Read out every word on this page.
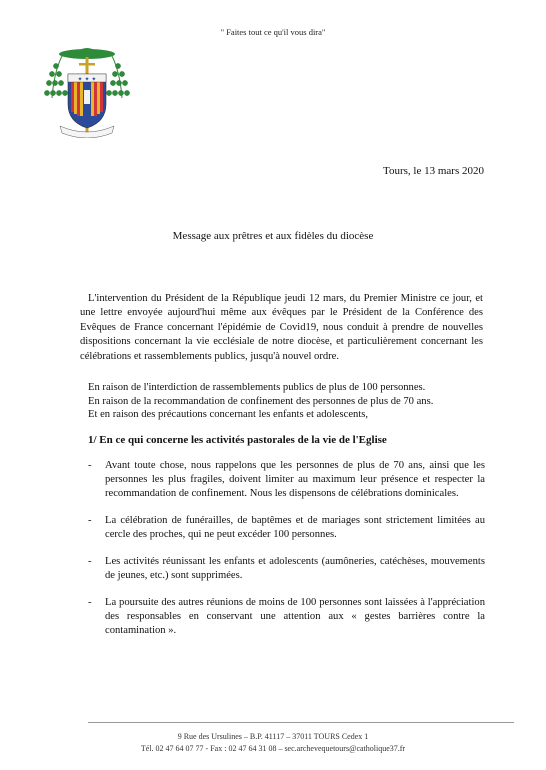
" Faites tout ce qu'il vous dira"
✦ ✦ ✦
Tours, le 13 mars 2020
Message aux prêtres et aux fidèles du diocèse
L'intervention du Président de la République jeudi 12 mars, du Premier Ministre ce jour, et une lettre envoyée aujourd'hui même aux évêques par le Président de la Conférence des Evêques de France concernant l'épidémie de Covid19, nous conduit à prendre de nouvelles dispositions concernant la vie ecclésiale de notre diocèse, et particulièrement concernant les célébrations et rassemblements publics, jusqu'à nouvel ordre.
En raison de l'interdiction de rassemblements publics de plus de 100 personnes.
En raison de la recommandation de confinement des personnes de plus de 70 ans.
Et en raison des précautions concernant les enfants et adolescents,
1/ En ce qui concerne les activités pastorales de la vie de l'Eglise
- Avant toute chose, nous rappelons que les personnes de plus de 70 ans, ainsi que les personnes les plus fragiles, doivent limiter au maximum leur présence et respecter la recommandation de confinement. Nous les dispensons de célébrations dominicales.
- La célébration de funérailles, de baptêmes et de mariages sont strictement limitées au cercle des proches, qui ne peut excéder 100 personnes.
- Les activités réunissant les enfants et adolescents (aumôneries, catéchèses, mouvements de jeunes, etc.) sont supprimées.
- La poursuite des autres réunions de moins de 100 personnes sont laissées à l'appréciation des responsables en conservant une attention aux « gestes barrières contre la contamination ».
9 Rue des Ursulines – B.P. 41117 – 37011 TOURS Cedex 1
Tél. 02 47 64 07 77 - Fax : 02 47 64 31 08 – sec.archevequetours@catholique37.fr
